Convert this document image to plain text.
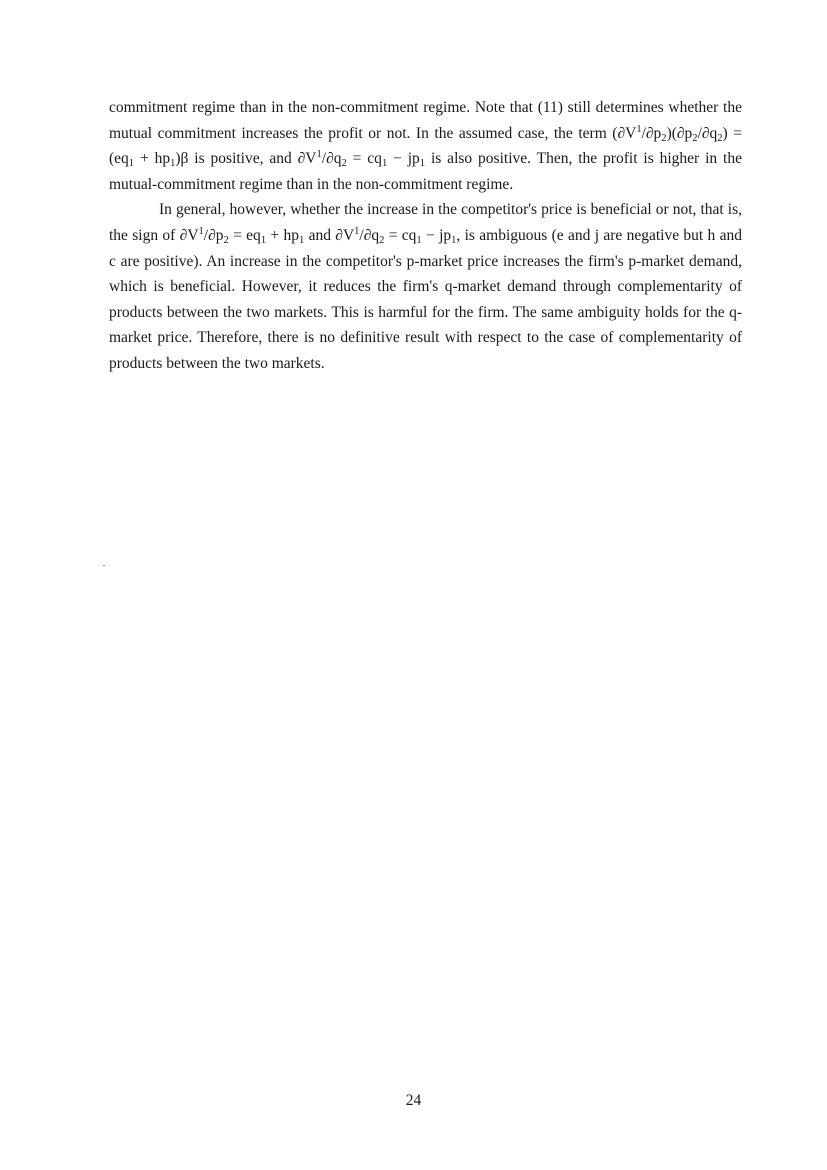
commitment regime than in the non-commitment regime. Note that (11) still determines whether the mutual commitment increases the profit or not. In the assumed case, the term $(\partial V^1/\partial p_2)(\partial p_2/\partial q_2) = (eq_1 + hp_1)\beta$ is positive, and $\partial V^1/\partial q_2 = cq_1 - jp_1$ is also positive. Then, the profit is higher in the mutual-commitment regime than in the non-commitment regime.

In general, however, whether the increase in the competitor's price is beneficial or not, that is, the sign of $\partial V^1/\partial p_2 = eq_1 + hp_1$ and $\partial V^1/\partial q_2 = cq_1 - jp_1$, is ambiguous (e and j are negative but h and c are positive). An increase in the competitor's p-market price increases the firm's p-market demand, which is beneficial. However, it reduces the firm's q-market demand through complementarity of products between the two markets. This is harmful for the firm. The same ambiguity holds for the q-market price. Therefore, there is no definitive result with respect to the case of complementarity of products between the two markets.

24
